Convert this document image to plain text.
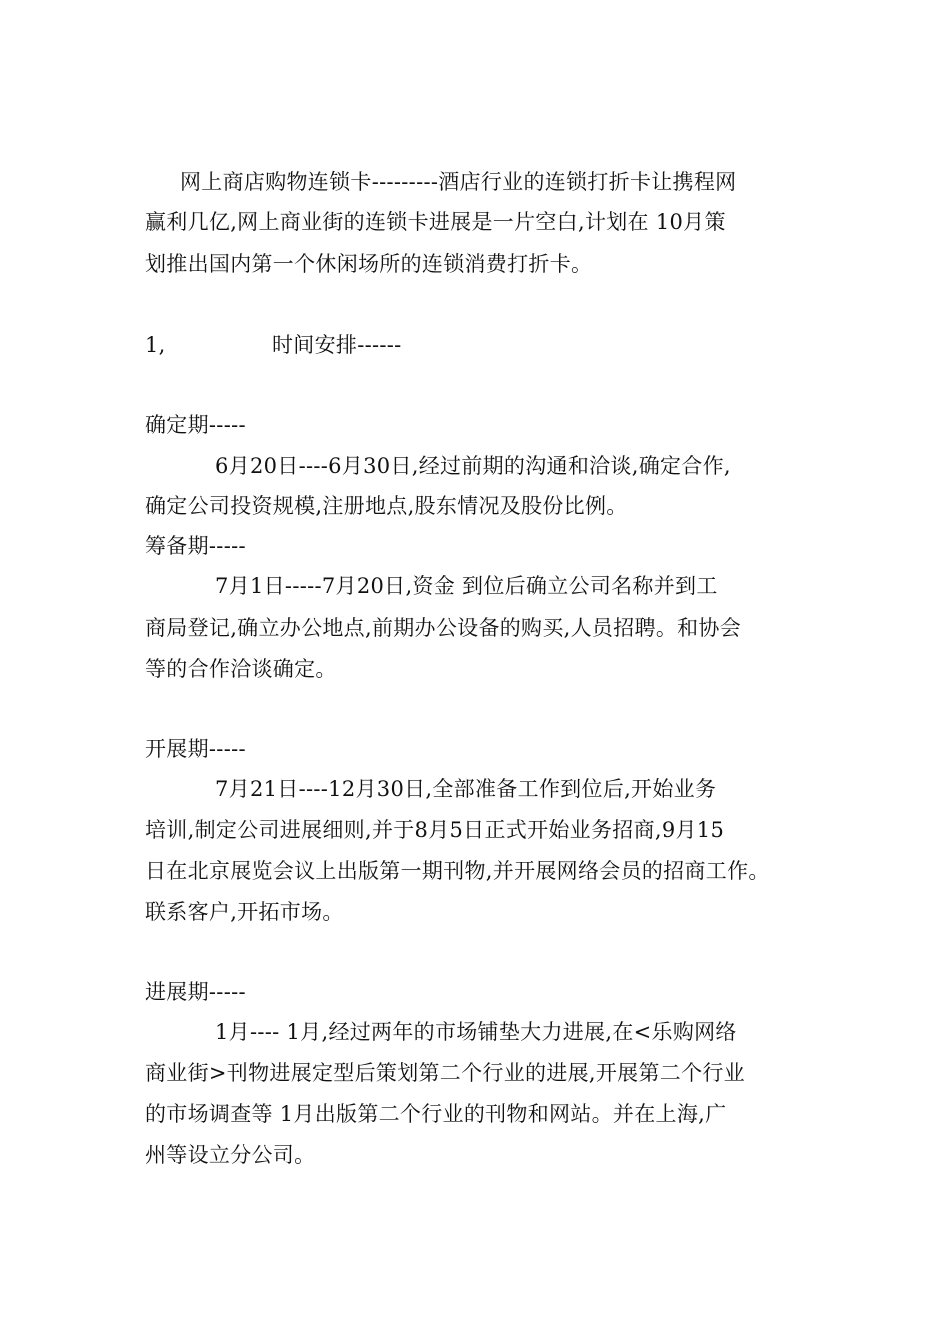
网上商店购物连锁卡---------酒店行业的连锁打折卡让携程网
赢利几亿,网上商业街的连锁卡进展是一片空白,计划在 10月策
划推出国内第一个休闲场所的连锁消费打折卡。
1,	时间安排------
确定期-----
6月20日----6月30日,经过前期的沟通和洽谈,确定合作,
确定公司投资规模,注册地点,股东情况及股份比例。
筹备期-----
7月1日-----7月20日,资金 到位后确立公司名称并到工
商局登记,确立办公地点,前期办公设备的购买,人员招聘。和协会
等的合作洽谈确定。
开展期-----
7月21日----12月30日,全部准备工作到位后,开始业务
培训,制定公司进展细则,并于8月5日正式开始业务招商,9月15
日在北京展览会议上出版第一期刊物,并开展网络会员的招商工作。
联系客户,开拓市场。
进展期-----
1月---- 1月,经过两年的市场铺垫大力进展,在<乐购网络
商业街>刊物进展定型后策划第二个行业的进展,开展第二个行业
的市场调查等 1月出版第二个行业的刊物和网站。并在上海,广
州等设立分公司。
